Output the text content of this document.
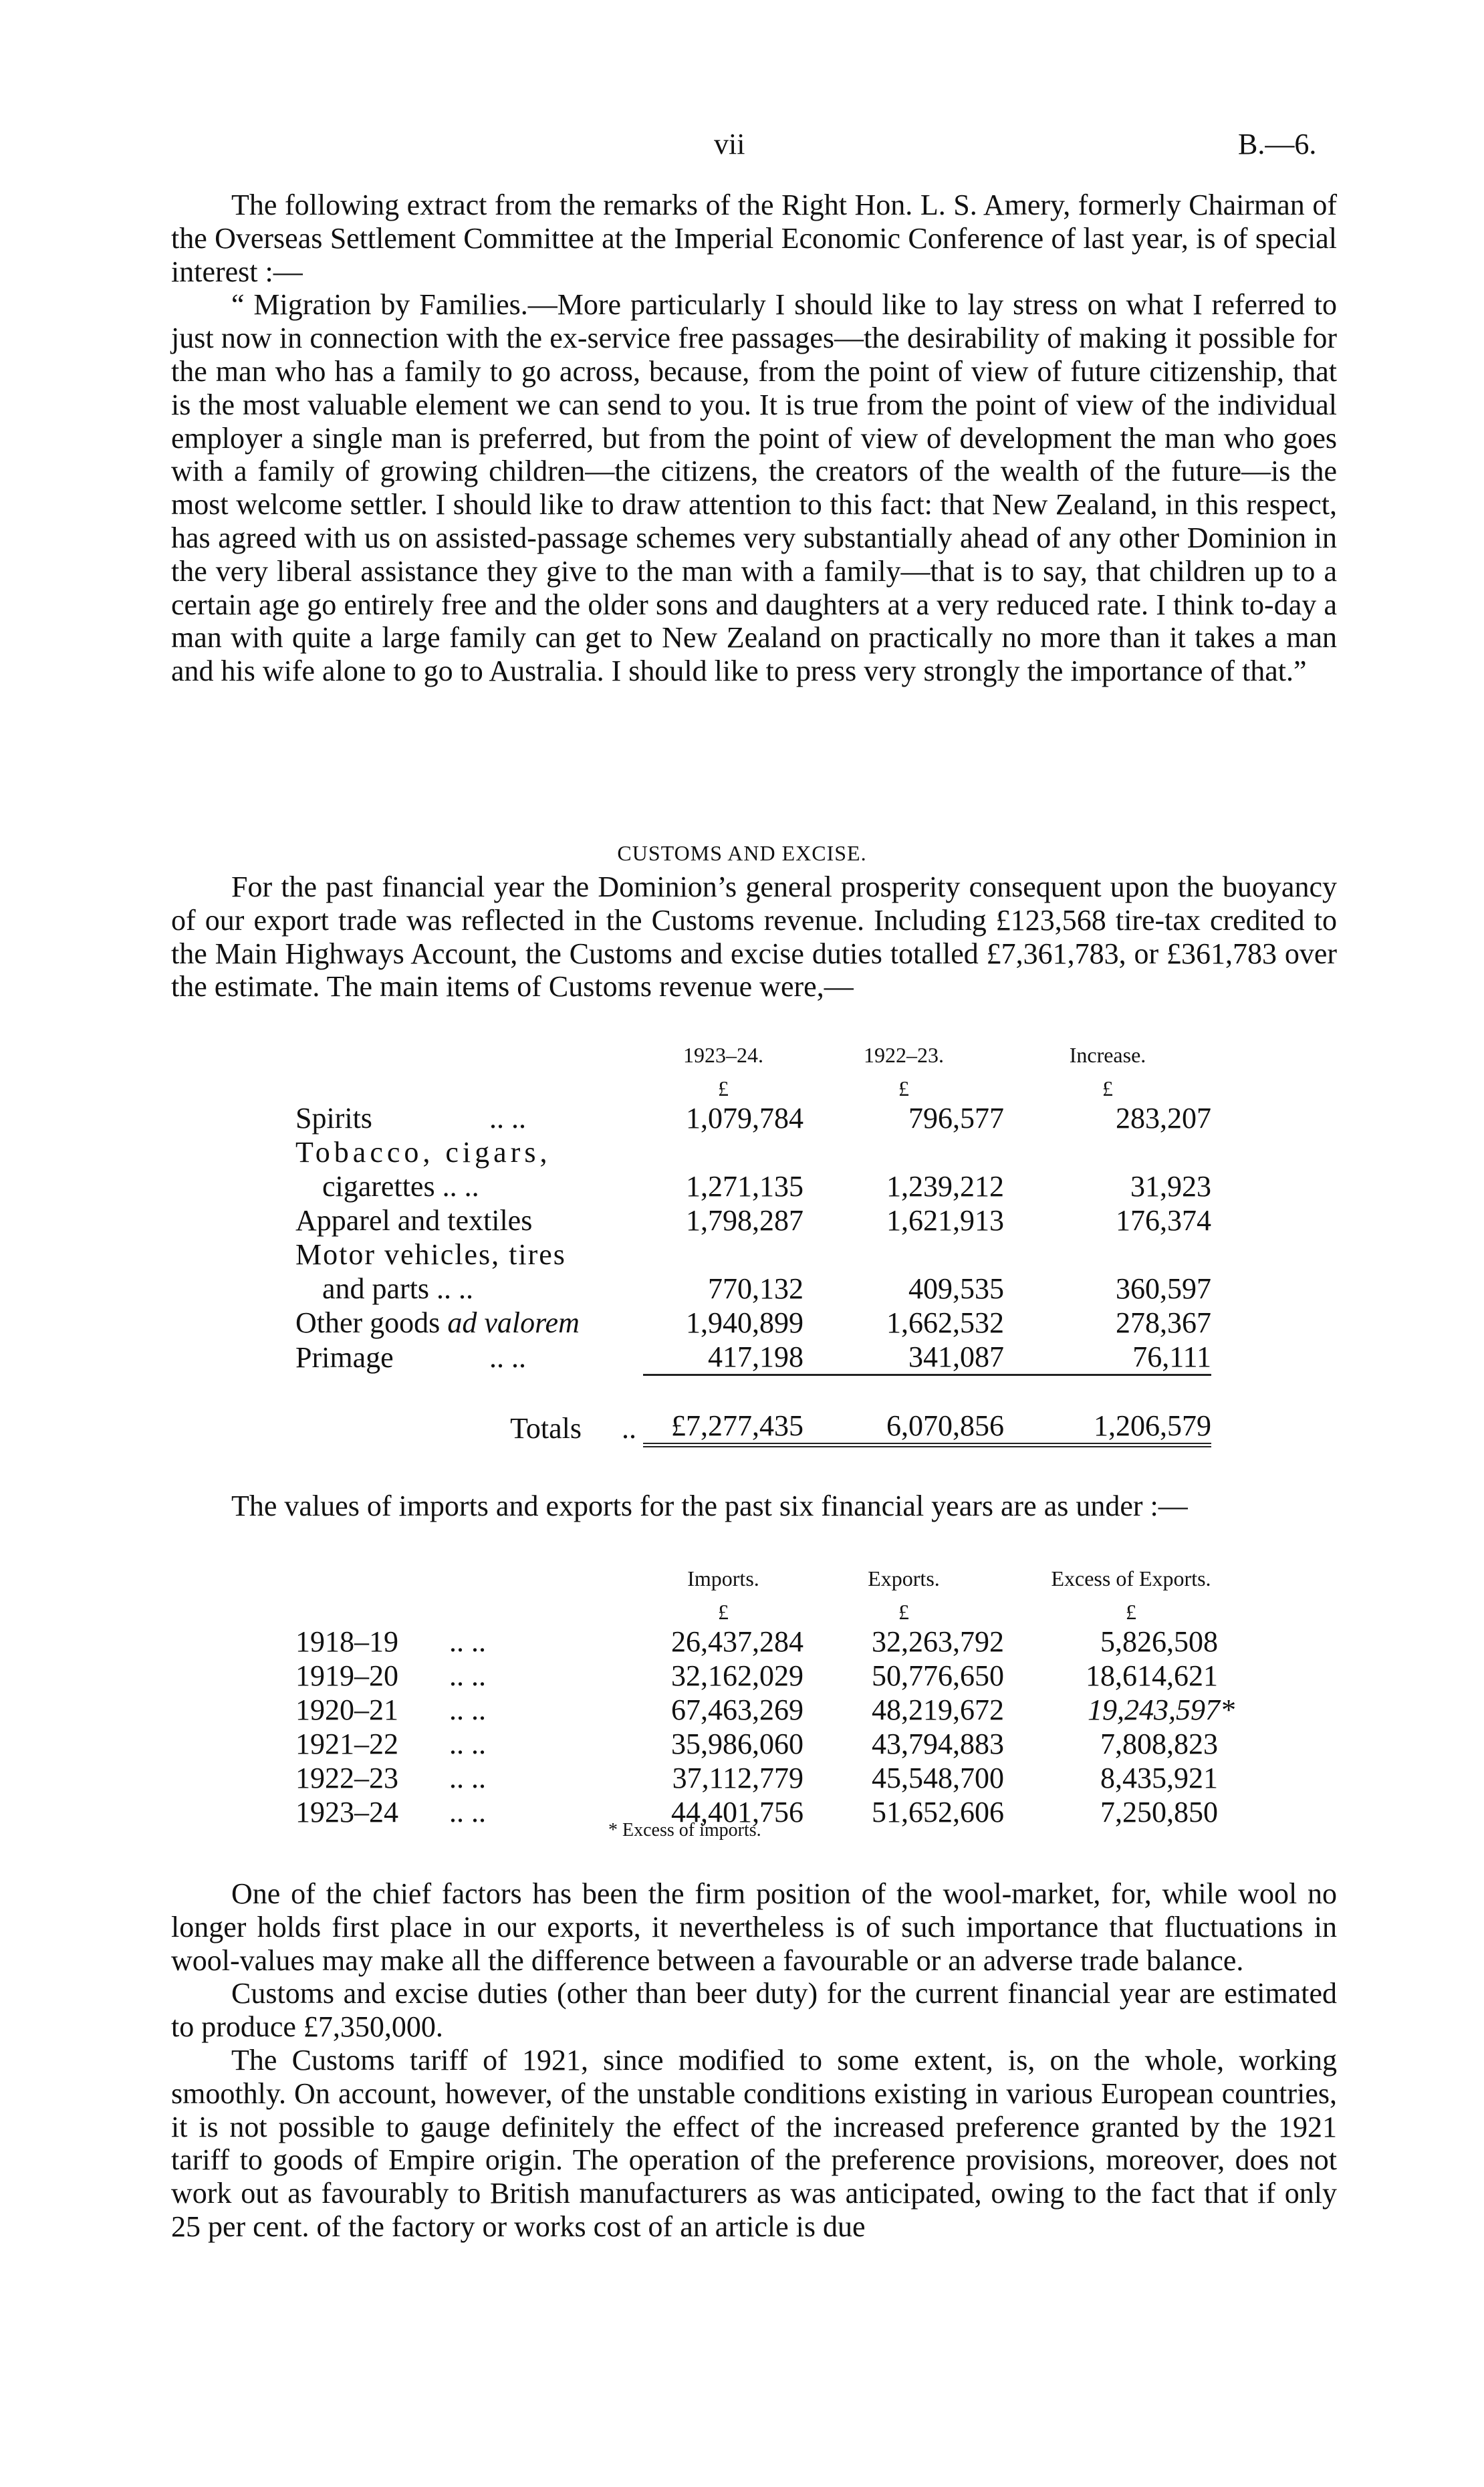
vii	B.—6.

The following extract from the remarks of the Right Hon. L. S. Amery, formerly Chairman of the Overseas Settlement Committee at the Imperial Economic Conference of last year, is of special interest :—

“ Migration by Families.—More particularly I should like to lay stress on what I referred to just now in connection with the ex-service free passages—the desirability of making it possible for the man who has a family to go across, because, from the point of view of future citizenship, that is the most valuable element we can send to you. It is true from the point of view of the individual employer a single man is preferred, but from the point of view of development the man who goes with a family of growing children—the citizens, the creators of the wealth of the future—is the most welcome settler. I should like to draw attention to this fact: that New Zealand, in this respect, has agreed with us on assisted-passage schemes very substantially ahead of any other Dominion in the very liberal assistance they give to the man with a family—that is to say, that children up to a certain age go entirely free and the older sons and daughters at a very reduced rate. I think to-day a man with quite a large family can get to New Zealand on practically no more than it takes a man and his wife alone to go to Australia. I should like to press very strongly the importance of that.”

CUSTOMS AND EXCISE.

For the past financial year the Dominion’s general prosperity consequent upon the buoyancy of our export trade was reflected in the Customs revenue. Including £123,568 tire-tax credited to the Main Highways Account, the Customs and excise duties totalled £7,361,783, or £361,783 over the estimate. The main items of Customs revenue were,—

	1923–24.	1922–23.	Increase.
	£	£	£
Spirits .. ..	1,079,784	796,577	283,207
Tobacco, cigars,			
cigarettes .. ..	1,271,135	1,239,212	31,923
Apparel and textiles	1,798,287	1,621,913	176,374
Motor vehicles, tires			
and parts .. ..	770,132	409,535	360,597
Other goods ad valorem	1,940,899	1,662,532	278,367
Primage .. ..	417,198	341,087	76,111

Totals ..	£7,277,435	6,070,856	1,206,579

The values of imports and exports for the past six financial years are as under :—

	Imports.	Exports.	Excess of Exports.
	£	£	£
1918–19 .. ..	26,437,284	32,263,792	5,826,508
1919–20 .. ..	32,162,029	50,776,650	18,614,621
1920–21 .. ..	67,463,269	48,219,672	19,243,597*
1921–22 .. ..	35,986,060	43,794,883	7,808,823
1922–23 .. ..	37,112,779	45,548,700	8,435,921
1923–24 .. ..	44,401,756	51,652,606	7,250,850
* Excess of imports.

One of the chief factors has been the firm position of the wool-market, for, while wool no longer holds first place in our exports, it nevertheless is of such importance that fluctuations in wool-values may make all the difference between a favourable or an adverse trade balance.

Customs and excise duties (other than beer duty) for the current financial year are estimated to produce £7,350,000.

The Customs tariff of 1921, since modified to some extent, is, on the whole, working smoothly. On account, however, of the unstable conditions existing in various European countries, it is not possible to gauge definitely the effect of the increased preference granted by the 1921 tariff to goods of Empire origin. The operation of the preference provisions, moreover, does not work out as favourably to British manufacturers as was anticipated, owing to the fact that if only 25 per cent. of the factory or works cost of an article is due
